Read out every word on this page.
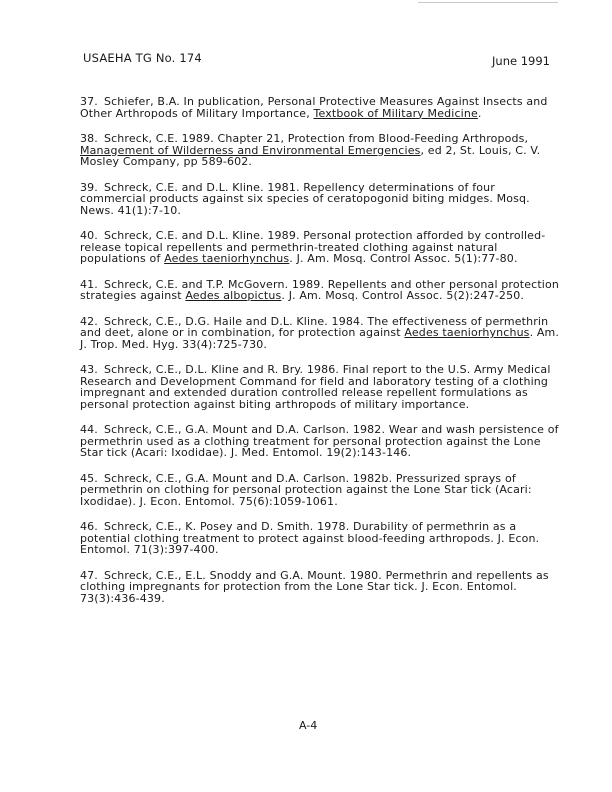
USAEHA TG No. 174	June 1991

37. Schiefer, B.A. In publication, Personal Protective Measures Against Insects and Other Arthropods of Military Importance, Textbook of Military Medicine.

38. Schreck, C.E. 1989. Chapter 21, Protection from Blood-Feeding Arthropods, Management of Wilderness and Environmental Emergencies, ed 2, St. Louis, C. V. Mosley Company, pp 589-602.

39. Schreck, C.E. and D.L. Kline. 1981. Repellency determinations of four commercial products against six species of ceratopogonid biting midges. Mosq. News. 41(1):7-10.

40. Schreck, C.E. and D.L. Kline. 1989. Personal protection afforded by controlled-release topical repellents and permethrin-treated clothing against natural populations of Aedes taeniorhynchus. J. Am. Mosq. Control Assoc. 5(1):77-80.

41. Schreck, C.E. and T.P. McGovern. 1989. Repellents and other personal protection strategies against Aedes albopictus. J. Am. Mosq. Control Assoc. 5(2):247-250.

42. Schreck, C.E., D.G. Haile and D.L. Kline. 1984. The effectiveness of permethrin and deet, alone or in combination, for protection against Aedes taeniorhynchus. Am. J. Trop. Med. Hyg. 33(4):725-730.

43. Schreck, C.E., D.L. Kline and R. Bry. 1986. Final report to the U.S. Army Medical Research and Development Command for field and laboratory testing of a clothing impregnant and extended duration controlled release repellent formulations as personal protection against biting arthropods of military importance.

44. Schreck, C.E., G.A. Mount and D.A. Carlson. 1982. Wear and wash persistence of permethrin used as a clothing treatment for personal protection against the Lone Star tick (Acari: Ixodidae). J. Med. Entomol. 19(2):143-146.

45. Schreck, C.E., G.A. Mount and D.A. Carlson. 1982b. Pressurized sprays of permethrin on clothing for personal protection against the Lone Star tick (Acari: Ixodidae). J. Econ. Entomol. 75(6):1059-1061.

46. Schreck, C.E., K. Posey and D. Smith. 1978. Durability of permethrin as a potential clothing treatment to protect against blood-feeding arthropods. J. Econ. Entomol. 71(3):397-400.

47. Schreck, C.E., E.L. Snoddy and G.A. Mount. 1980. Permethrin and repellents as clothing impregnants for protection from the Lone Star tick. J. Econ. Entomol. 73(3):436-439.

A-4
